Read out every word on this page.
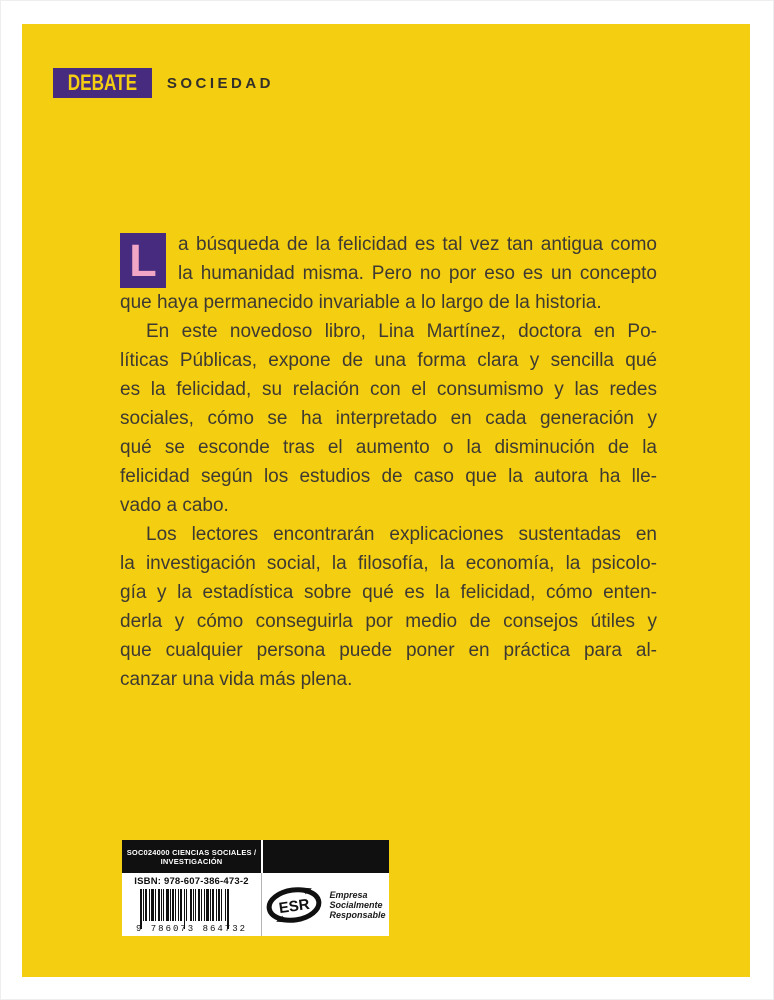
DEBATE SOCIEDAD
L	a búsqueda de la felicidad es tal vez tan antigua como
la humanidad misma. Pero no por eso es un concepto
que haya permanecido invariable a lo largo de la historia.
En este novedoso libro, Lina Martínez, doctora en Po-
líticas Públicas, expone de una forma clara y sencilla qué
es la felicidad, su relación con el consumismo y las redes
sociales, cómo se ha interpretado en cada generación y
qué se esconde tras el aumento o la disminución de la
felicidad según los estudios de caso que la autora ha lle-
vado a cabo.
Los lectores encontrarán explicaciones sustentadas en
la investigación social, la filosofía, la economía, la psicolo-
gía y la estadística sobre qué es la felicidad, cómo enten-
derla y cómo conseguirla por medio de consejos útiles y
que cualquier persona puede poner en práctica para al-
canzar una vida más plena.
SOC024000 CIENCIAS SOCIALES /
INVESTIGACIÓN
ISBN: 978-607-386-473-2
9 786073 864732
ESR
Empresa
Socialmente
Responsable
